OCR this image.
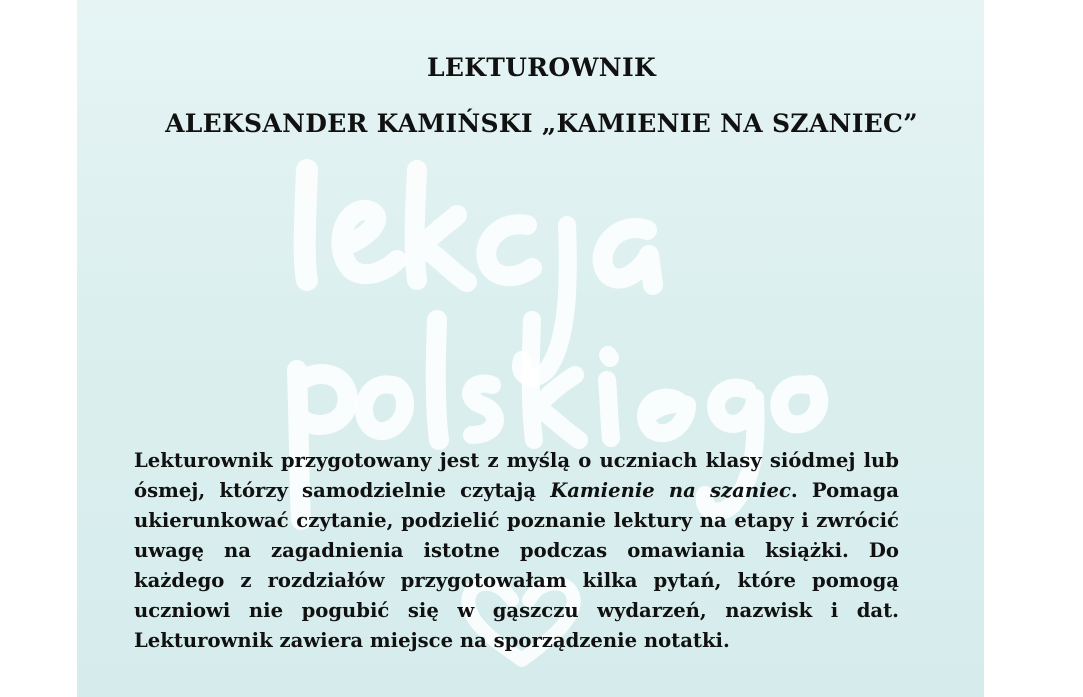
LEKTUROWNIK
ALEKSANDER KAMIŃSKI „KAMIENIE NA SZANIEC”

Lekturownik przygotowany jest z myślą o uczniach klasy siódmej lub ósmej, którzy samodzielnie czytają Kamienie na szaniec. Pomaga ukierunkować czytanie, podzielić poznanie lektury na etapy i zwrócić uwagę na zagadnienia istotne podczas omawiania książki. Do każdego z rozdziałów przygotowałam kilka pytań, które pomogą uczniowi nie pogubić się w gąszczu wydarzeń, nazwisk i dat. Lekturownik zawiera miejsce na sporządzenie notatki.
